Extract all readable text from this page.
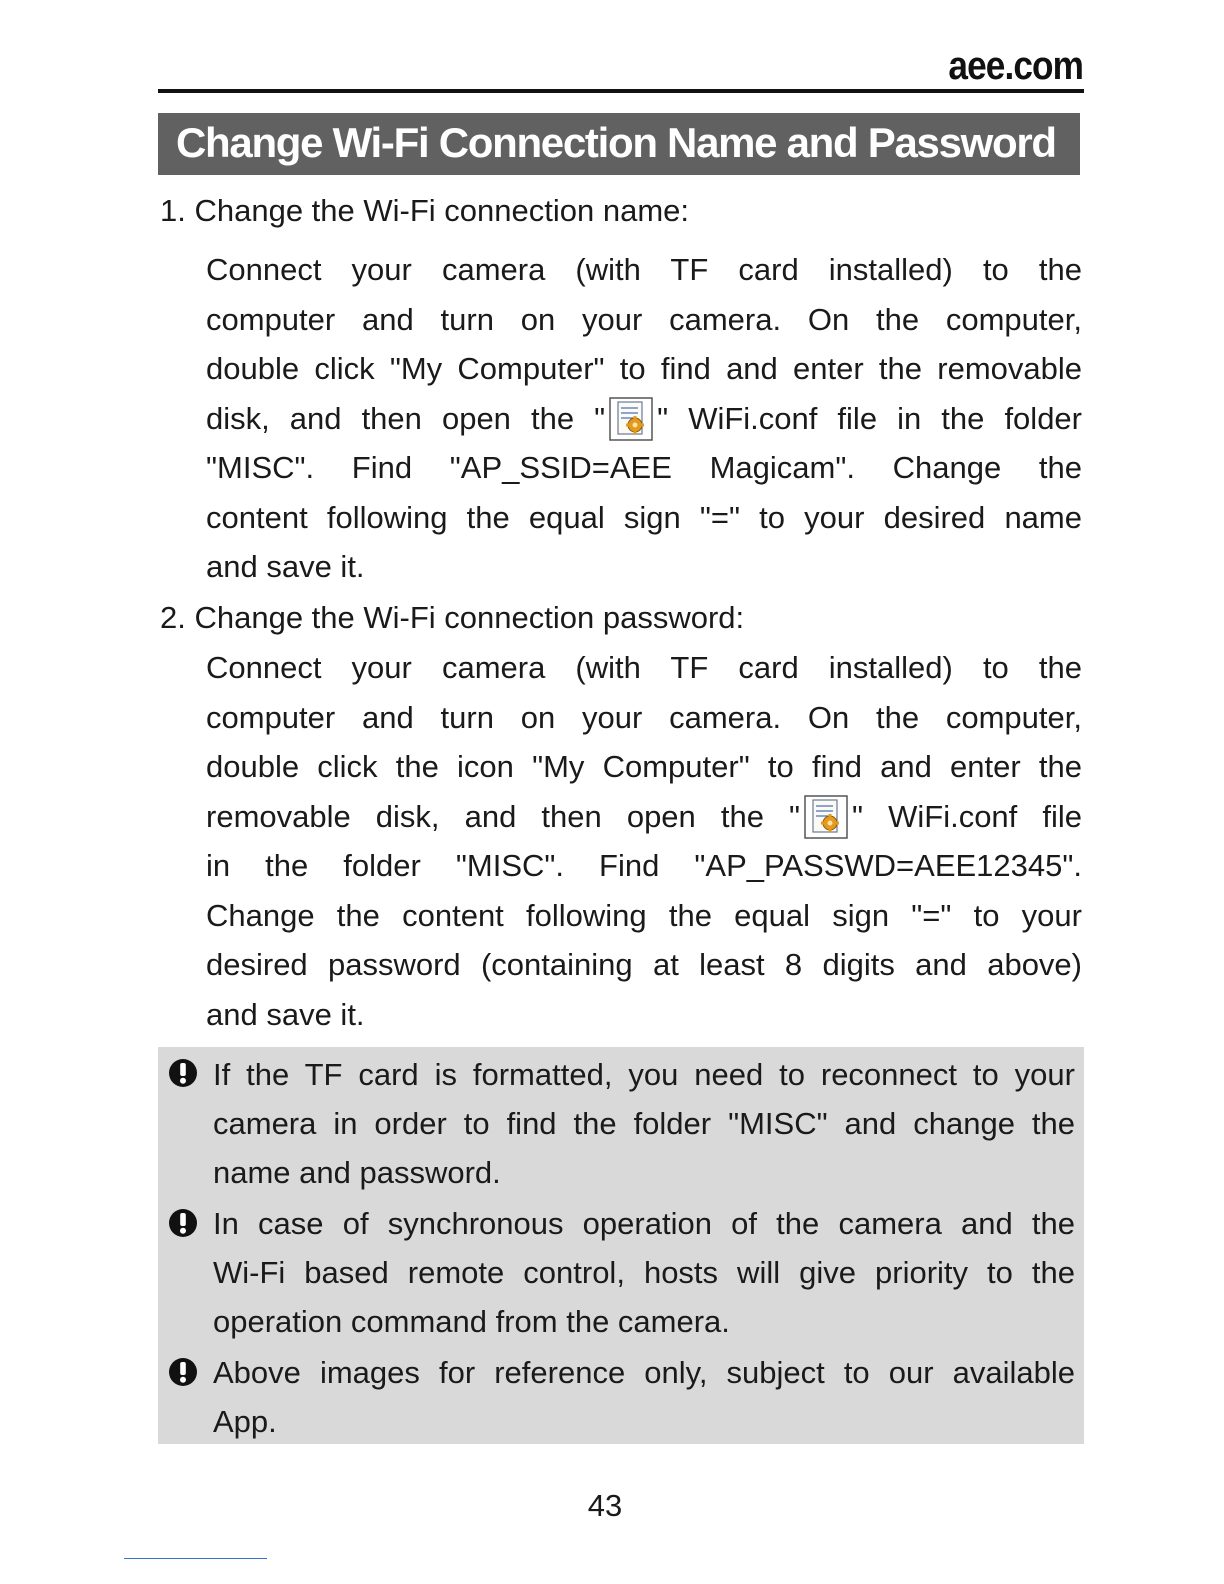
aee.com
Change Wi-Fi Connection Name and Password
1. Change the Wi-Fi connection name:
Connect your camera (with TF card installed) to the
computer and turn on your camera. On the computer,
double click "My Computer" to find and enter the removable
disk, and then open the " " WiFi.conf file in the folder
"MISC". Find "AP_SSID=AEE Magicam". Change the
content following the equal sign "=" to your desired name
and save it.
2. Change the Wi-Fi connection password:
Connect your camera (with TF card installed) to the
computer and turn on your camera. On the computer,
double click the icon "My Computer" to find and enter the
removable disk, and then open the " " WiFi.conf file
in the folder "MISC". Find "AP_PASSWD=AEE12345".
Change the content following the equal sign "=" to your
desired password (containing at least 8 digits and above)
and save it.
If the TF card is formatted, you need to reconnect to your
camera in order to find the folder "MISC" and change the
name and password.
In case of synchronous operation of the camera and the
Wi-Fi based remote control, hosts will give priority to the
operation command from the camera.
Above images for reference only, subject to our available
App.
43
